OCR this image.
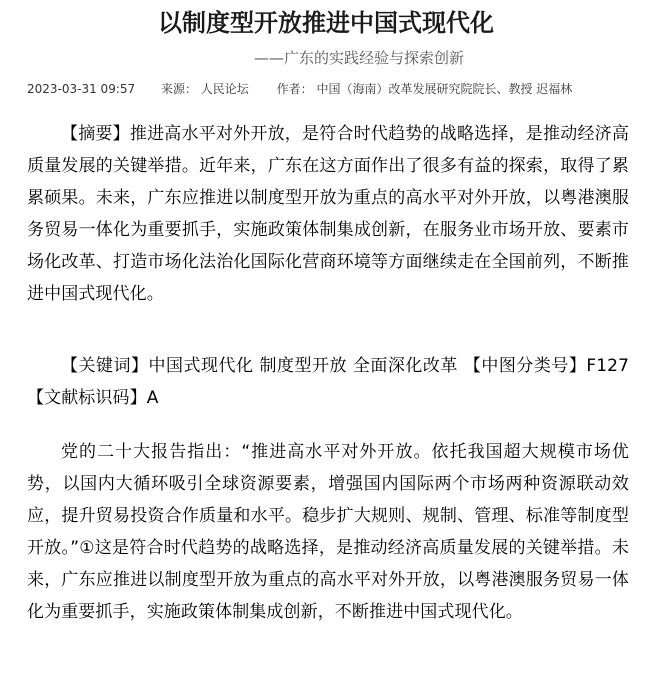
以制度型开放推进中国式现代化
——广东的实践经验与探索创新
2023-03-31 09:57 来源： 人民论坛 作者： 中国（海南）改革发展研究院院长、教授 迟福林
【摘要】推进高水平对外开放，是符合时代趋势的战略选择，是推动经济高质量发展的关键举措。近年来，广东在这方面作出了很多有益的探索，取得了累累硕果。未来，广东应推进以制度型开放为重点的高水平对外开放，以粤港澳服务贸易一体化为重要抓手，实施政策体制集成创新，在服务业市场开放、要素市场化改革、打造市场化法治化国际化营商环境等方面继续走在全国前列，不断推进中国式现代化。
【关键词】中国式现代化 制度型开放 全面深化改革 【中图分类号】F127 【文献标识码】A
党的二十大报告指出：“推进高水平对外开放。依托我国超大规模市场优势，以国内大循环吸引全球资源要素，增强国内国际两个市场两种资源联动效应，提升贸易投资合作质量和水平。稳步扩大规则、规制、管理、标准等制度型开放。”①这是符合时代趋势的战略选择，是推动经济高质量发展的关键举措。未来，广东应推进以制度型开放为重点的高水平对外开放，以粤港澳服务贸易一体化为重要抓手，实施政策体制集成创新，不断推进中国式现代化。
